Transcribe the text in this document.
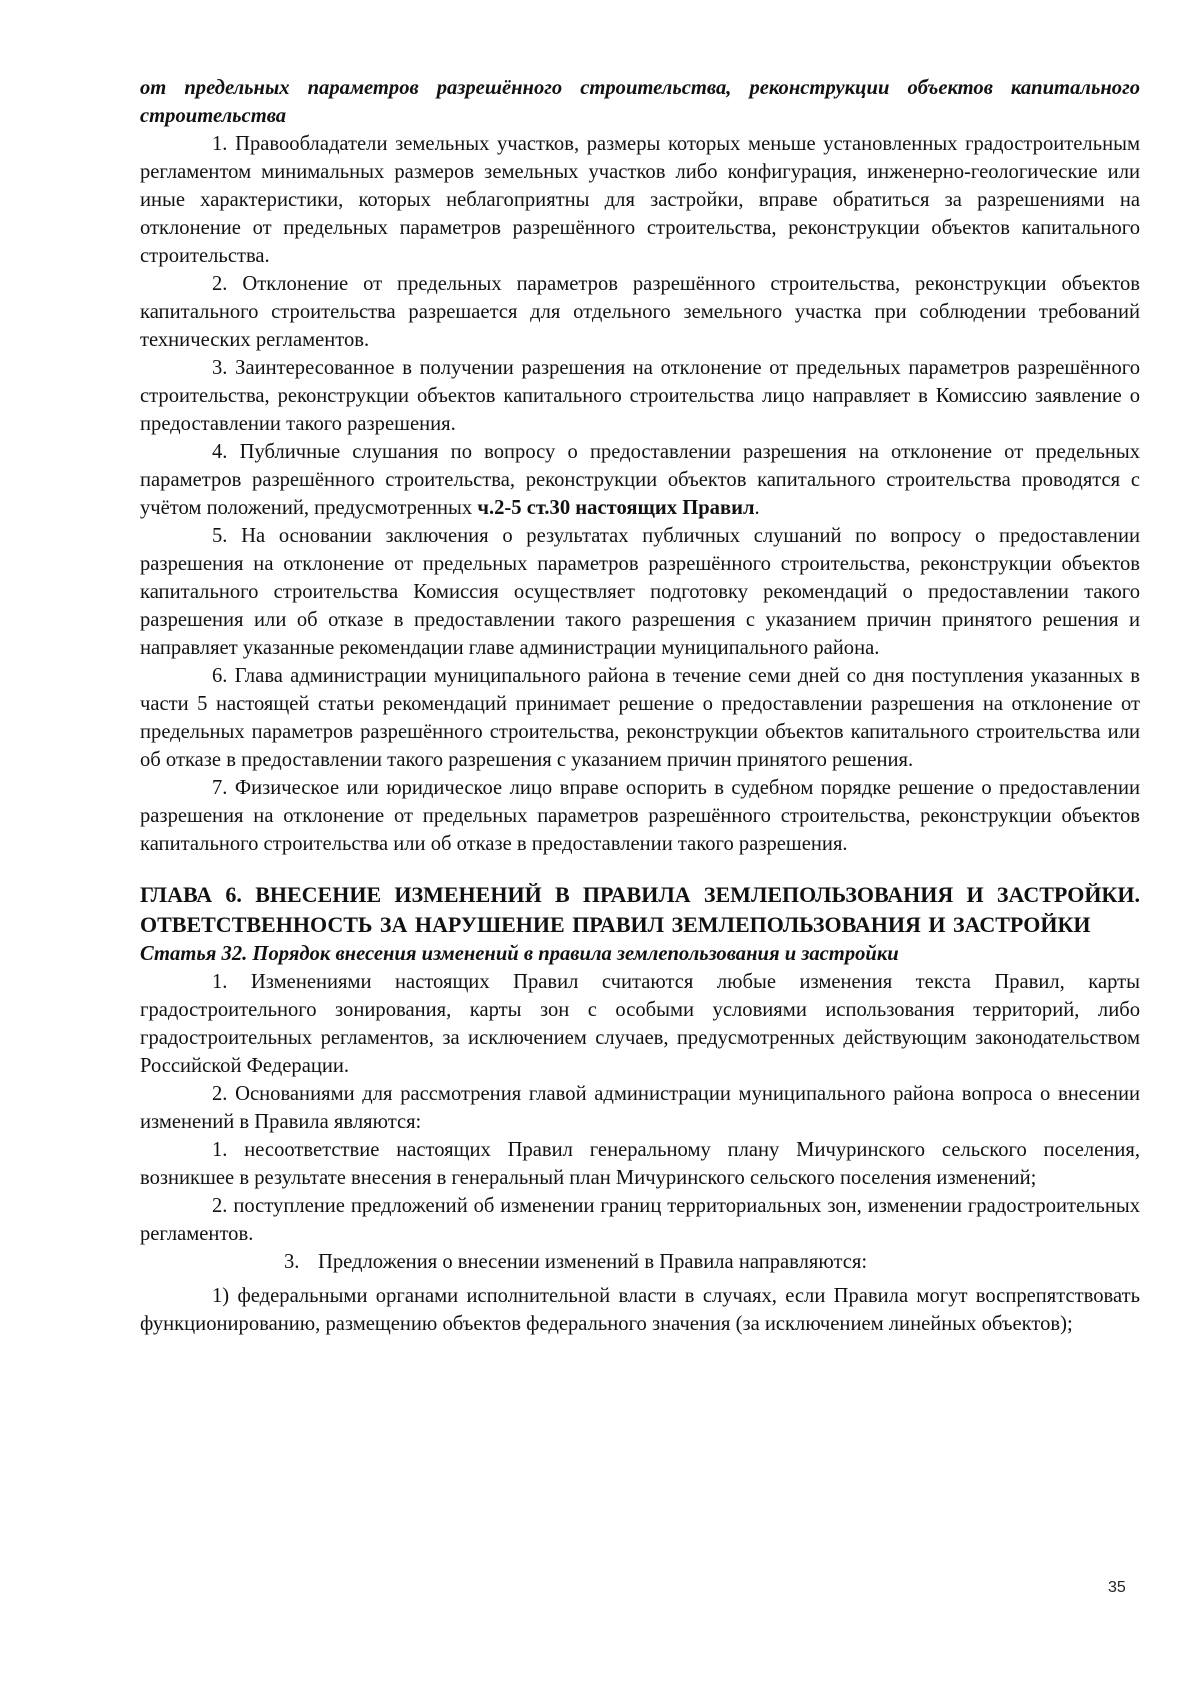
от предельных параметров разрешённого строительства, реконструкции объектов капитального строительства

1. Правообладатели земельных участков, размеры которых меньше установленных градостроительным регламентом минимальных размеров земельных участков либо конфигурация, инженерно-геологические или иные характеристики, которых неблагоприятны для застройки, вправе обратиться за разрешениями на отклонение от предельных параметров разрешённого строительства, реконструкции объектов капитального строительства.

2. Отклонение от предельных параметров разрешённого строительства, реконструкции объектов капитального строительства разрешается для отдельного земельного участка при соблюдении требований технических регламентов.

3. Заинтересованное в получении разрешения на отклонение от предельных параметров разрешённого строительства, реконструкции объектов капитального строительства лицо направляет в Комиссию заявление о предоставлении такого разрешения.

4. Публичные слушания по вопросу о предоставлении разрешения на отклонение от предельных параметров разрешённого строительства, реконструкции объектов капитального строительства проводятся с учётом положений, предусмотренных ч.2-5 ст.30 настоящих Правил.

5. На основании заключения о результатах публичных слушаний по вопросу о предоставлении разрешения на отклонение от предельных параметров разрешённого строительства, реконструкции объектов капитального строительства Комиссия осуществляет подготовку рекомендаций о предоставлении такого разрешения или об отказе в предоставлении такого разрешения с указанием причин принятого решения и направляет указанные рекомендации главе администрации муниципального района.

6. Глава администрации муниципального района в течение семи дней со дня поступления указанных в части 5 настоящей статьи рекомендаций принимает решение о предоставлении разрешения на отклонение от предельных параметров разрешённого строительства, реконструкции объектов капитального строительства или об отказе в предоставлении такого разрешения с указанием причин принятого решения.

7. Физическое или юридическое лицо вправе оспорить в судебном порядке решение о предоставлении разрешения на отклонение от предельных параметров разрешённого строительства, реконструкции объектов капитального строительства или об отказе в предоставлении такого разрешения.

ГЛАВА 6. ВНЕСЕНИЕ ИЗМЕНЕНИЙ В ПРАВИЛА ЗЕМЛЕПОЛЬЗОВАНИЯ И ЗАСТРОЙКИ. ОТВЕТСТВЕННОСТЬ ЗА НАРУШЕНИЕ ПРАВИЛ ЗЕМЛЕПОЛЬЗОВАНИЯ И ЗАСТРОЙКИ

Статья 32. Порядок внесения изменений в правила землепользования и застройки

1. Изменениями настоящих Правил считаются любые изменения текста Правил, карты градостроительного зонирования, карты зон с особыми условиями использования территорий, либо градостроительных регламентов, за исключением случаев, предусмотренных действующим законодательством Российской Федерации.

2. Основаниями для рассмотрения главой администрации муниципального района вопроса о внесении изменений в Правила являются:

1. несоответствие настоящих Правил генеральному плану Мичуринского сельского поселения, возникшее в результате внесения в генеральный план Мичуринского сельского поселения изменений;

2. поступление предложений об изменении границ территориальных зон, изменении градостроительных регламентов.

3. Предложения о внесении изменений в Правила направляются:

1) федеральными органами исполнительной власти в случаях, если Правила могут воспрепятствовать функционированию, размещению объектов федерального значения (за исключением линейных объектов);

35
